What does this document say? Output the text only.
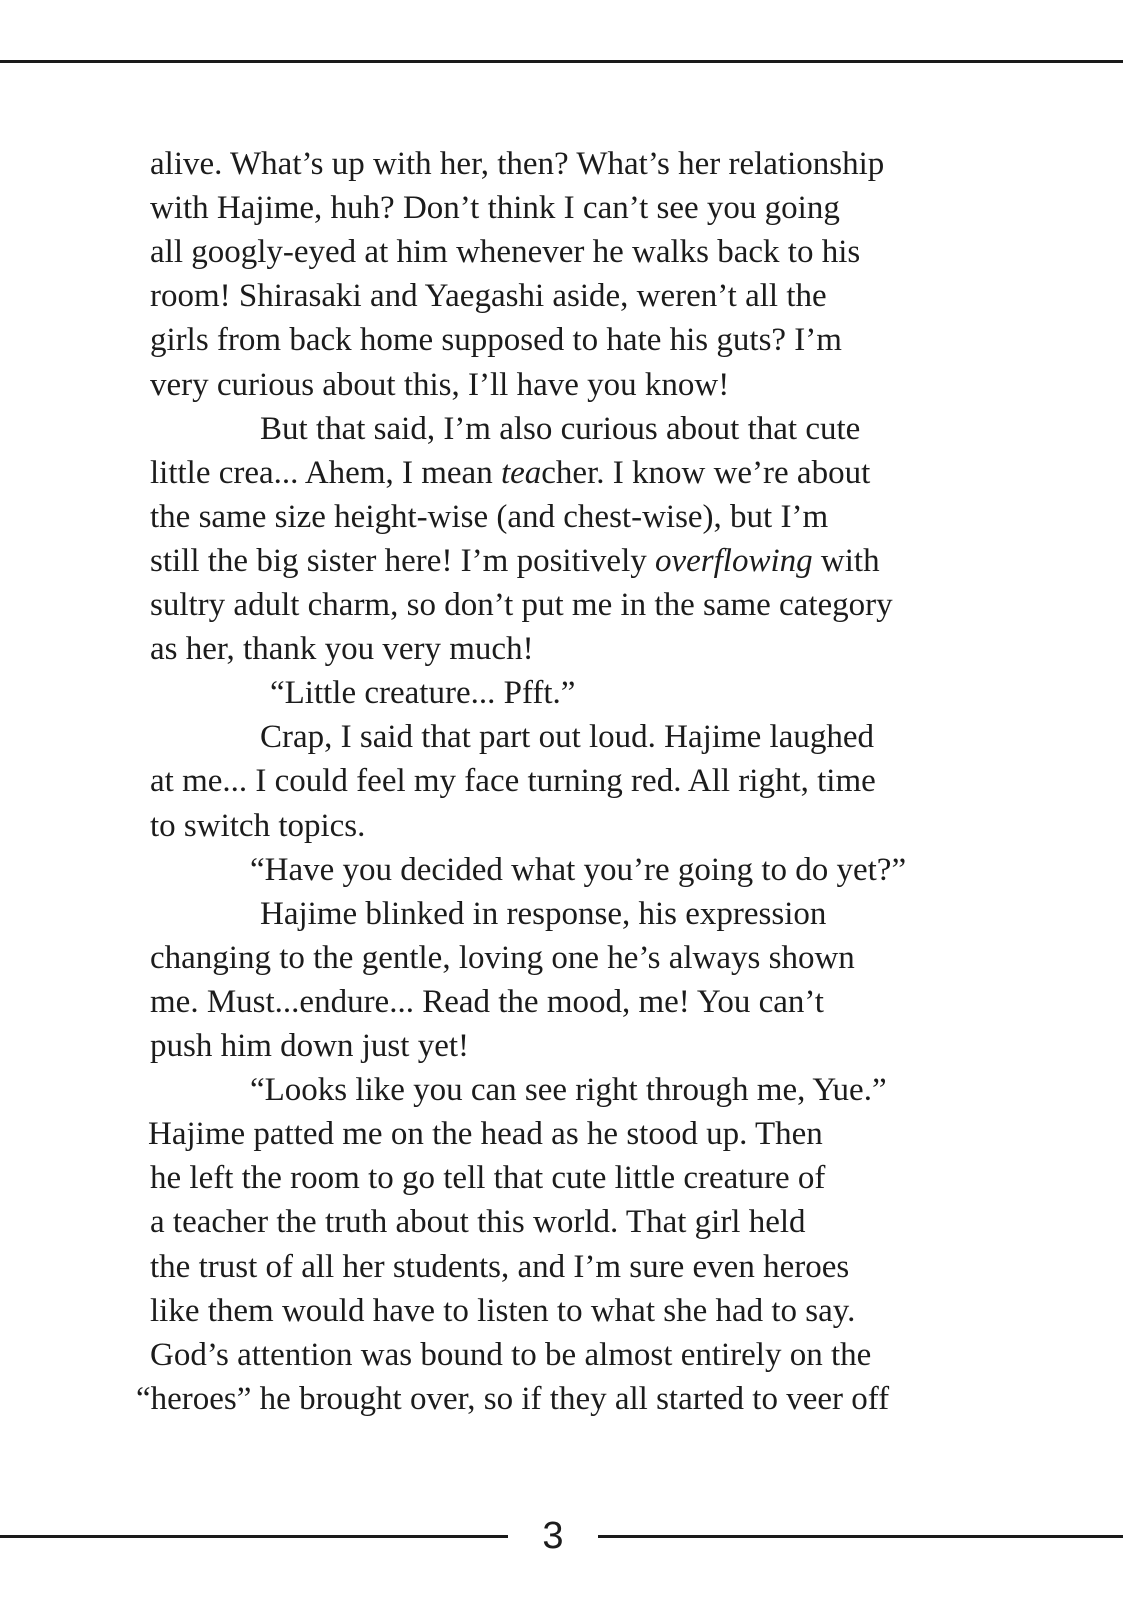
alive. What’s up with her, then? What’s her relationship
with Hajime, huh? Don’t think I can’t see you going
all googly-eyed at him whenever he walks back to his
room! Shirasaki and Yaegashi aside, weren’t all the
girls from back home supposed to hate his guts? I’m
very curious about this, I’ll have you know!
But that said, I’m also curious about that cute
little crea... Ahem, I mean teacher. I know we’re about
the same size height-wise (and chest-wise), but I’m
still the big sister here! I’m positively overflowing with
sultry adult charm, so don’t put me in the same category
as her, thank you very much!
“Little creature... Pfft.”
Crap, I said that part out loud. Hajime laughed
at me... I could feel my face turning red. All right, time
to switch topics.
“Have you decided what you’re going to do yet?”
Hajime blinked in response, his expression
changing to the gentle, loving one he’s always shown
me. Must...endure... Read the mood, me! You can’t
push him down just yet!
“Looks like you can see right through me, Yue.”
Hajime patted me on the head as he stood up. Then
he left the room to go tell that cute little creature of
a teacher the truth about this world. That girl held
the trust of all her students, and I’m sure even heroes
like them would have to listen to what she had to say.
God’s attention was bound to be almost entirely on the
“heroes” he brought over, so if they all started to veer off
3
